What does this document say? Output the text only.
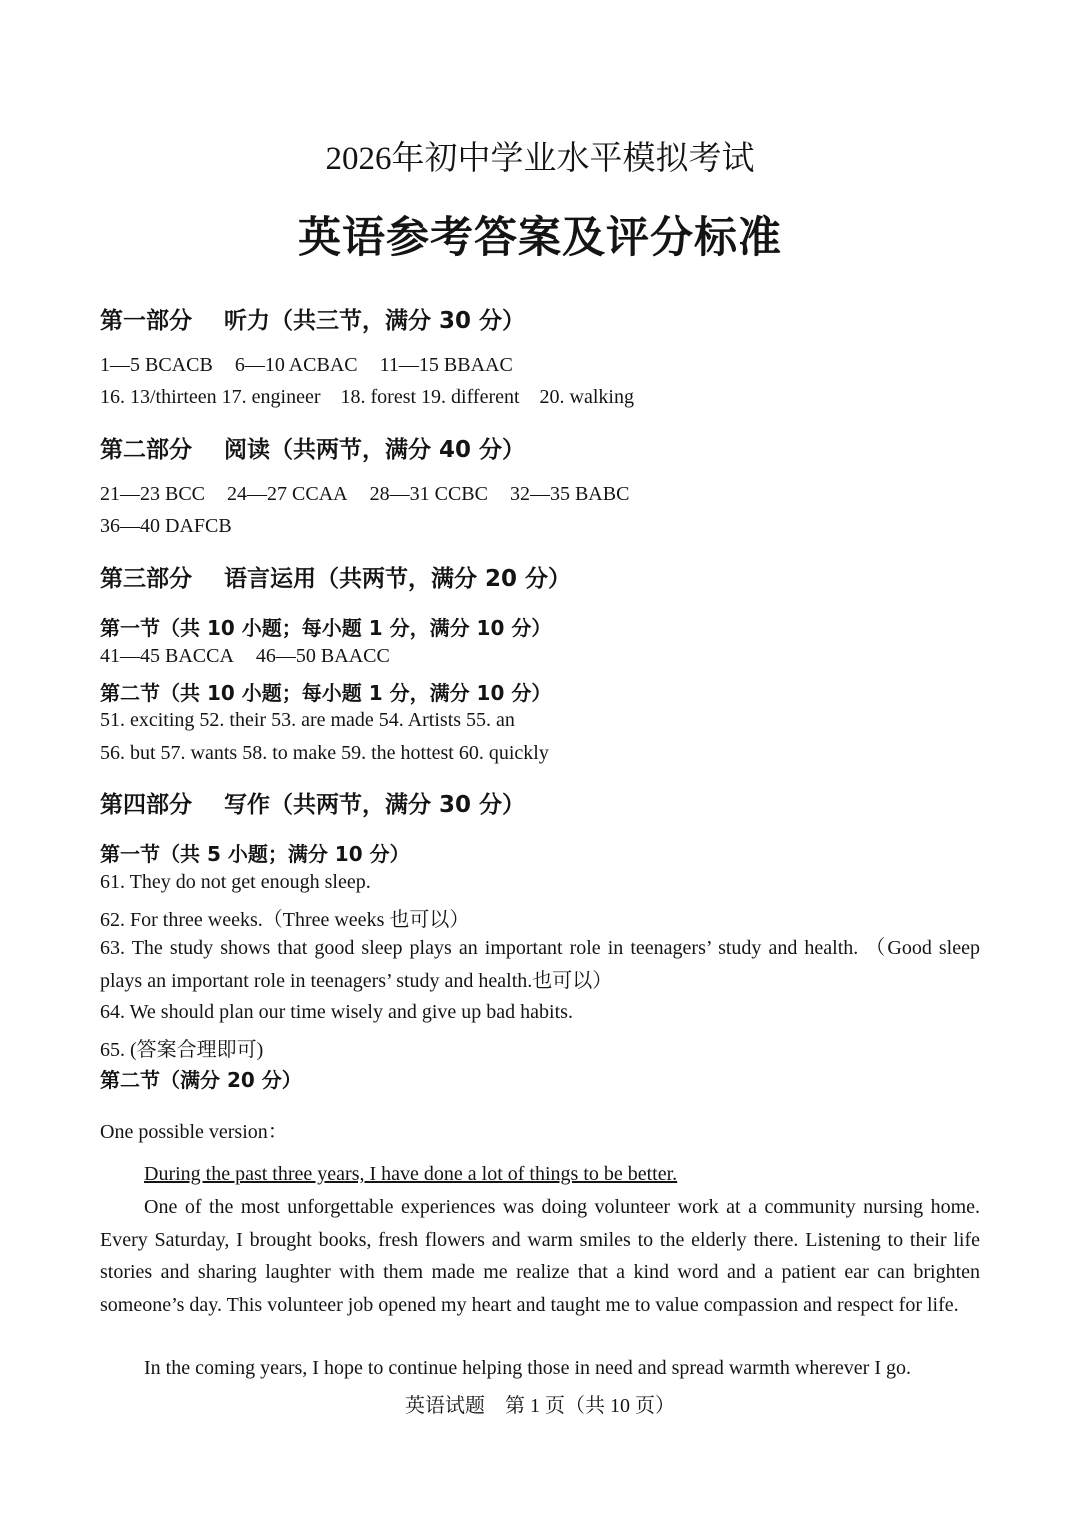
2026年初中学业水平模拟考试
英语参考答案及评分标准
第一部分 听力（共三节，满分 30 分）
1—5 BCACB 6—10 ACBAC 11—15 BBAAC
16. 13/thirteen 17. engineer 18. forest 19. different 20. walking
第二部分 阅读（共两节，满分 40 分）
21—23 BCC 24—27 CCAA 28—31 CCBC 32—35 BABC
36—40 DAFCB
第三部分 语言运用（共两节，满分 20 分）
第一节（共 10 小题；每小题 1 分，满分 10 分）
41—45 BACCA 46—50 BAACC
第二节（共 10 小题；每小题 1 分，满分 10 分）
51. exciting 52. their 53. are made 54. Artists 55. an
56. but 57. wants 58. to make 59. the hottest 60. quickly
第四部分 写作（共两节，满分 30 分）
第一节（共 5 小题；满分 10 分）
61. They do not get enough sleep.
62. For three weeks.（Three weeks 也可以）
63. The study shows that good sleep plays an important role in teenagers’ study and health. （Good sleep plays an important role in teenagers’ study and health.也可以）
64. We should plan our time wisely and give up bad habits.
65. (答案合理即可)
第二节（满分 20 分）
One possible version：
During the past three years, I have done a lot of things to be better.
One of the most unforgettable experiences was doing volunteer work at a community nursing home. Every Saturday, I brought books, fresh flowers and warm smiles to the elderly there. Listening to their life stories and sharing laughter with them made me realize that a kind word and a patient ear can brighten someone’s day. This volunteer job opened my heart and taught me to value compassion and respect for life.
In the coming years, I hope to continue helping those in need and spread warmth wherever I go.
英语试题　第 1 页（共 10 页）
